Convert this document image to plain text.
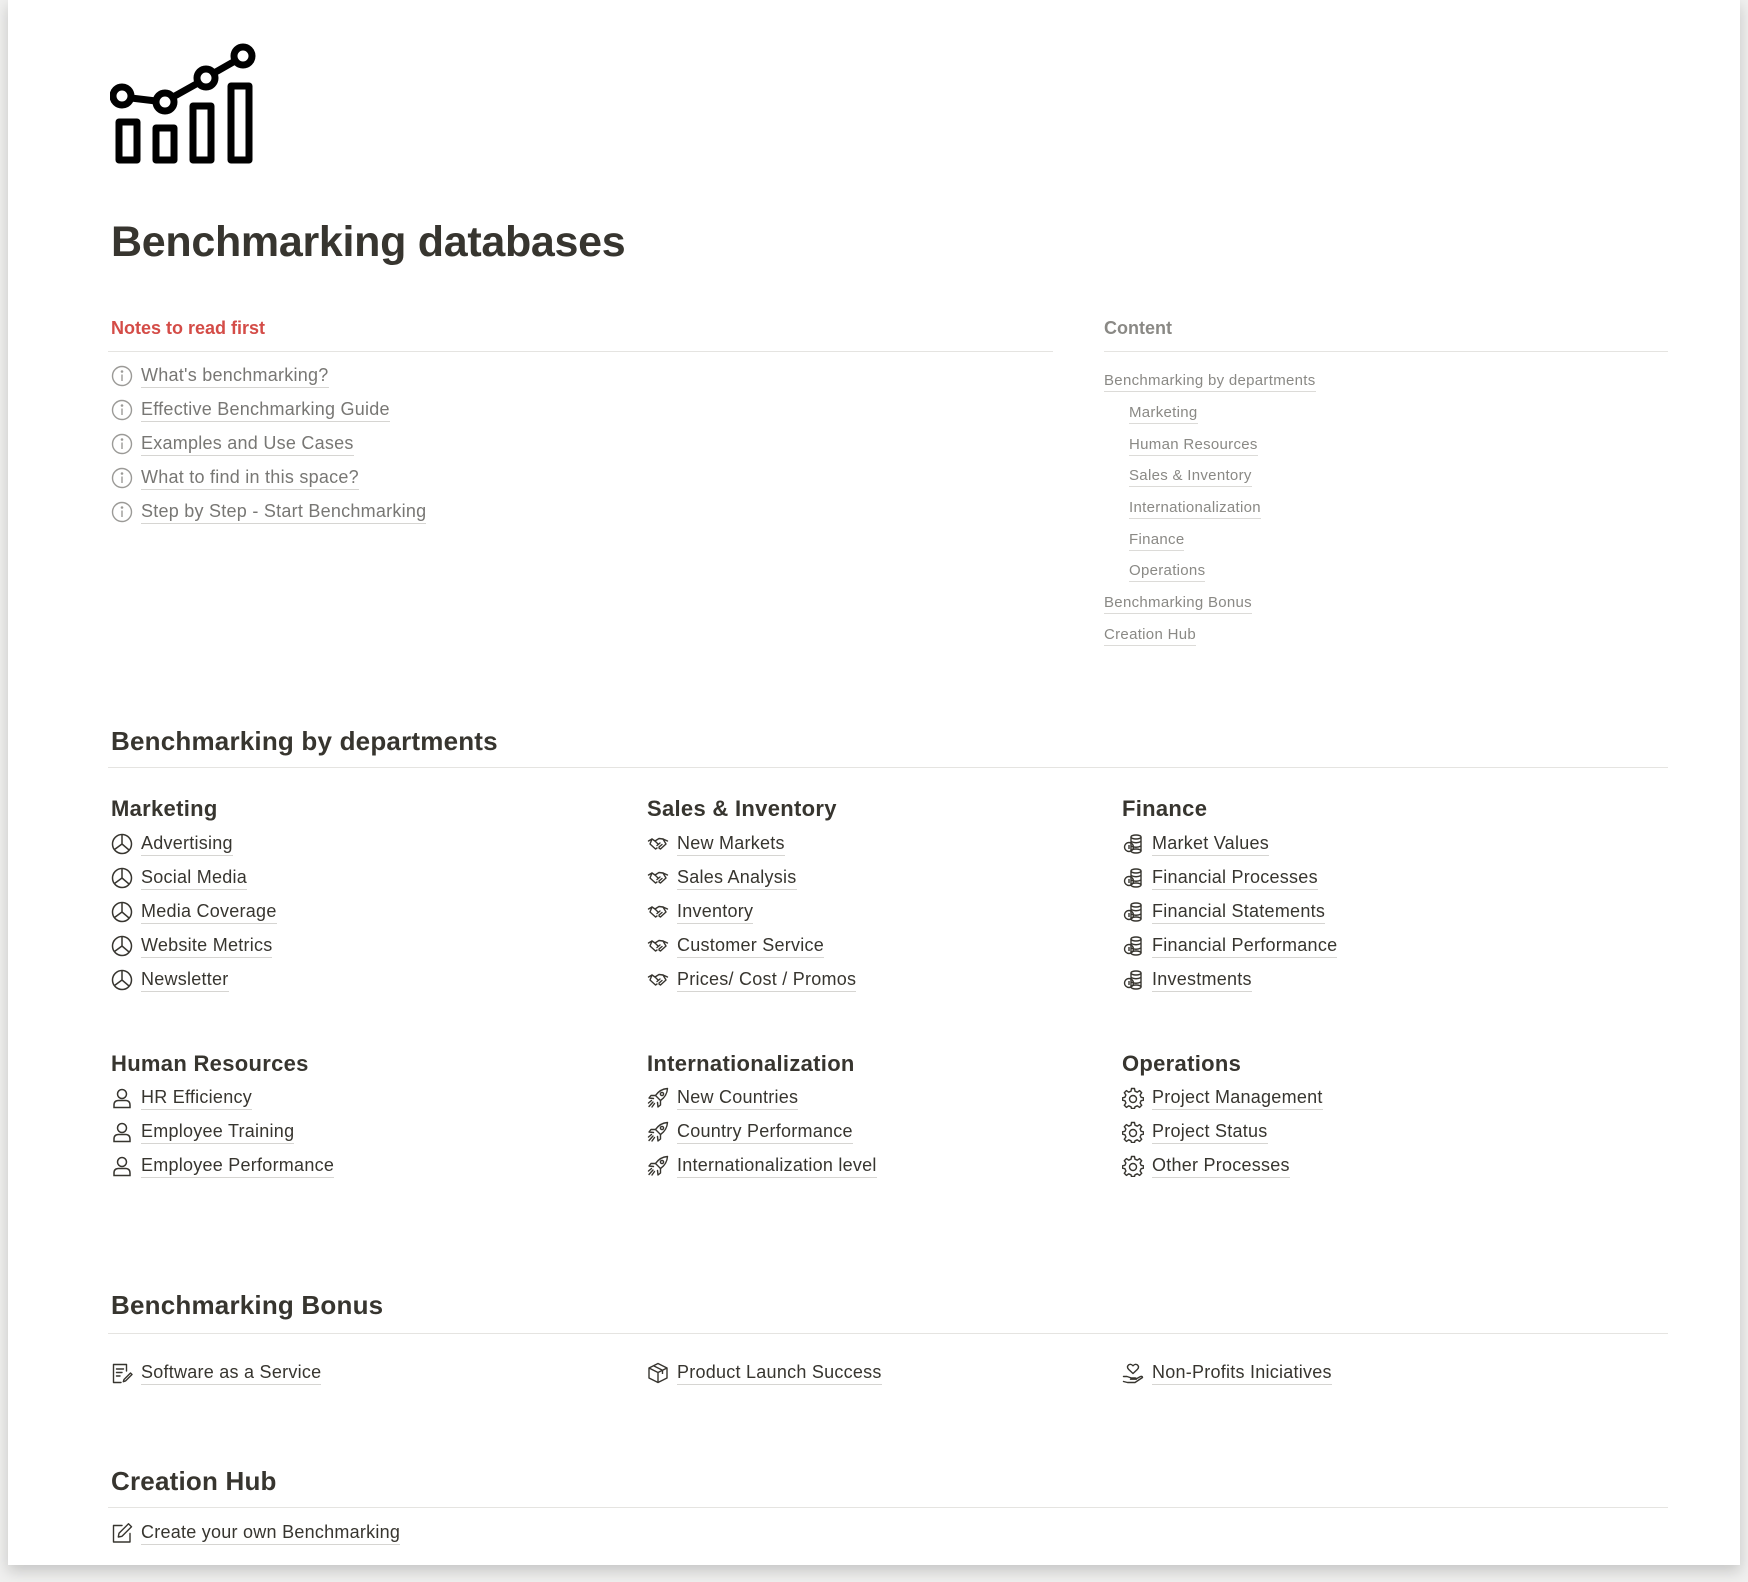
Benchmarking databases
Notes to read first
What's benchmarking?
Effective Benchmarking Guide
Examples and Use Cases
What to find in this space?
Step by Step - Start Benchmarking
Content
Benchmarking by departments
Marketing
Human Resources
Sales & Inventory
Internationalization
Finance
Operations
Benchmarking Bonus
Creation Hub
Benchmarking by departments
Marketing
Advertising
Social Media
Media Coverage
Website Metrics
Newsletter
Sales & Inventory
New Markets
Sales Analysis
Inventory
Customer Service
Prices/ Cost / Promos
Finance
Market Values
Financial Processes
Financial Statements
Financial Performance
Investments
Human Resources
HR Efficiency
Employee Training
Employee Performance
Internationalization
New Countries
Country Performance
Internationalization level
Operations
Project Management
Project Status
Other Processes
Benchmarking Bonus
Software as a Service	Product Launch Success	Non-Profits Iniciatives
Creation Hub
Create your own Benchmarking
